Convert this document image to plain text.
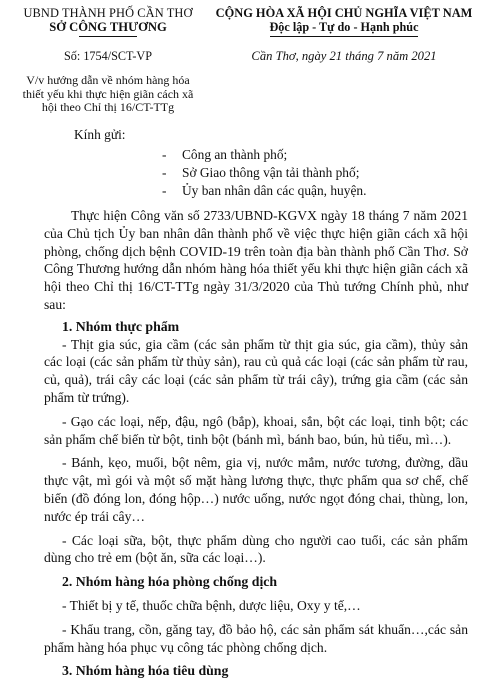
UBND THÀNH PHỐ CẦN THƠ
SỞ CÔNG THƯƠNG
Số: 1754/SCT-VP
V/v hướng dẫn về nhóm hàng hóa thiết yếu khi thực hiện giãn cách xã hội theo Chỉ thị 16/CT-TTg
CỘNG HÒA XÃ HỘI CHỦ NGHĨA VIỆT NAM
Độc lập - Tự do - Hạnh phúc
Cần Thơ, ngày 21 tháng 7 năm 2021
Kính gửi:
-	Công an thành phố;
-	Sở Giao thông vận tải thành phố;
-	Ủy ban nhân dân các quận, huyện.

Thực hiện Công văn số 2733/UBND-KGVX ngày 18 tháng 7 năm 2021 của Chủ tịch Ủy ban nhân dân thành phố về việc thực hiện giãn cách xã hội phòng, chống dịch bệnh COVID-19 trên toàn địa bàn thành phố Cần Thơ. Sở Công Thương hướng dẫn nhóm hàng hóa thiết yếu khi thực hiện giãn cách xã hội theo Chỉ thị 16/CT-TTg ngày 31/3/2020 của Thủ tướng Chính phủ, như sau:

1. Nhóm thực phẩm

- Thịt gia súc, gia cầm (các sản phẩm từ thịt gia súc, gia cầm), thủy sản các loại (các sản phẩm từ thủy sản), rau củ quả các loại (các sản phẩm từ rau, củ, quả), trái cây các loại (các sản phẩm từ trái cây), trứng gia cầm (các sản phẩm từ trứng).

- Gạo các loại, nếp, đậu, ngô (bắp), khoai, sắn, bột các loại, tinh bột; các sản phẩm chế biến từ bột, tinh bột (bánh mì, bánh bao, bún, hủ tiếu, mì…).

- Bánh, kẹo, muối, bột nêm, gia vị, nước mắm, nước tương, đường, dầu thực vật, mì gói và một số mặt hàng lương thực, thực phẩm qua sơ chế, chế biến (đồ đóng lon, đóng hộp…) nước uống, nước ngọt đóng chai, thùng, lon, nước ép trái cây…

- Các loại sữa, bột, thực phẩm dùng cho người cao tuổi, các sản phẩm dùng cho trẻ em (bột ăn, sữa các loại…).

2. Nhóm hàng hóa phòng chống dịch

- Thiết bị y tế, thuốc chữa bệnh, dược liệu, Oxy y tế,…

- Khẩu trang, cồn, găng tay, đồ bảo hộ, các sản phẩm sát khuẩn…,các sản phẩm hàng hóa phục vụ công tác phòng chống dịch.

3. Nhóm hàng hóa tiêu dùng
